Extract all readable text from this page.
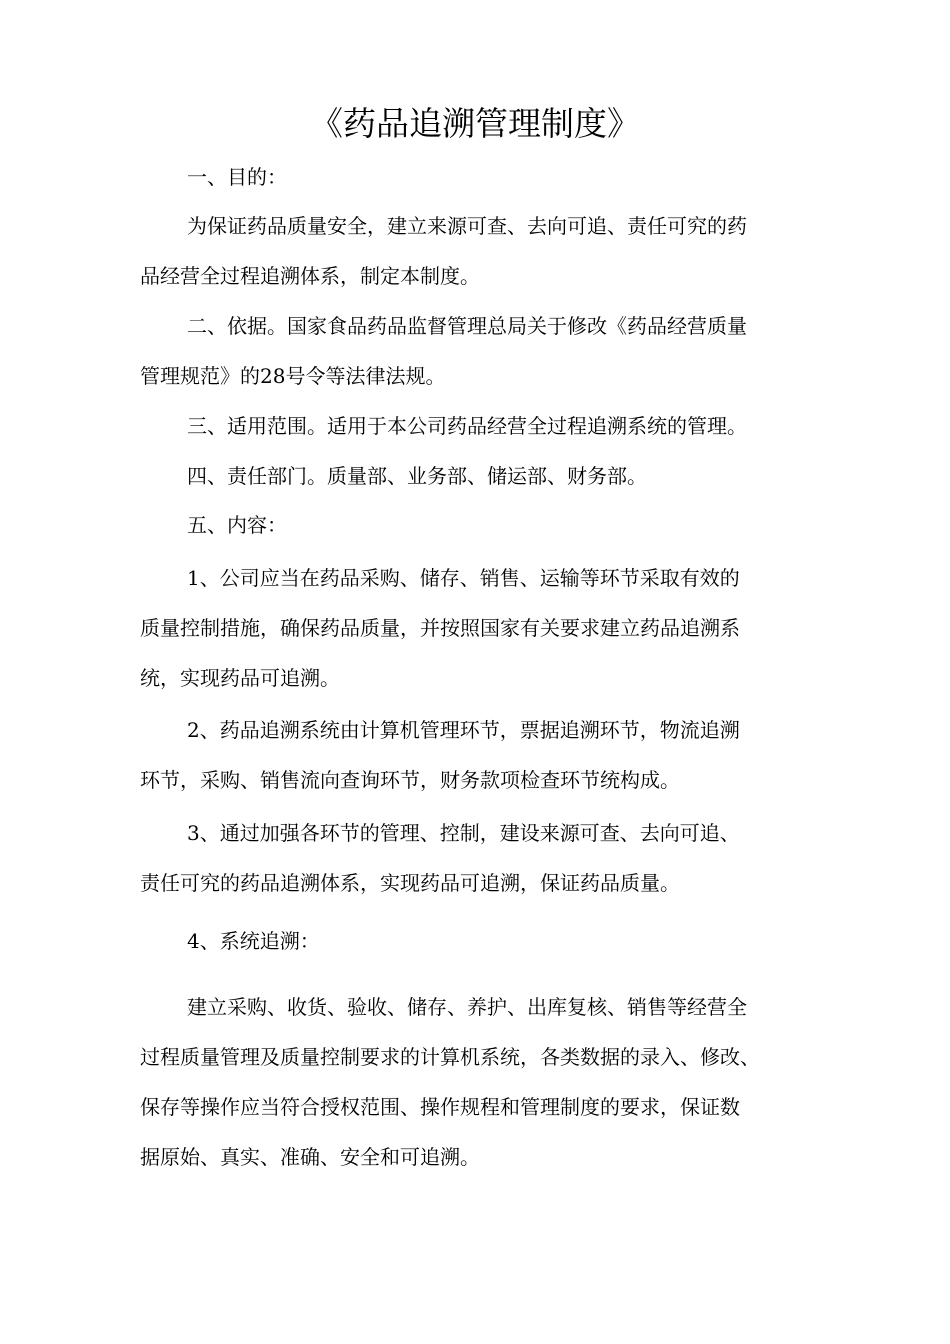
《药品追溯管理制度》
一、目的：
为保证药品质量安全，建立来源可查、去向可追、责任可究的药
品经营全过程追溯体系，制定本制度。
二、依据。国家食品药品监督管理总局关于修改《药品经营质量
管理规范》的28号令等法律法规。
三、适用范围。适用于本公司药品经营全过程追溯系统的管理。
四、责任部门。质量部、业务部、储运部、财务部。
五、内容：
1、公司应当在药品采购、储存、销售、运输等环节采取有效的
质量控制措施，确保药品质量，并按照国家有关要求建立药品追溯系
统，实现药品可追溯。
2、药品追溯系统由计算机管理环节，票据追溯环节，物流追溯
环节，采购、销售流向查询环节，财务款项检查环节统构成。
3、通过加强各环节的管理、控制，建设来源可查、去向可追、
责任可究的药品追溯体系，实现药品可追溯，保证药品质量。
4、系统追溯：
建立采购、收货、验收、储存、养护、出库复核、销售等经营全
过程质量管理及质量控制要求的计算机系统，各类数据的录入、修改、
保存等操作应当符合授权范围、操作规程和管理制度的要求，保证数
据原始、真实、准确、安全和可追溯。
